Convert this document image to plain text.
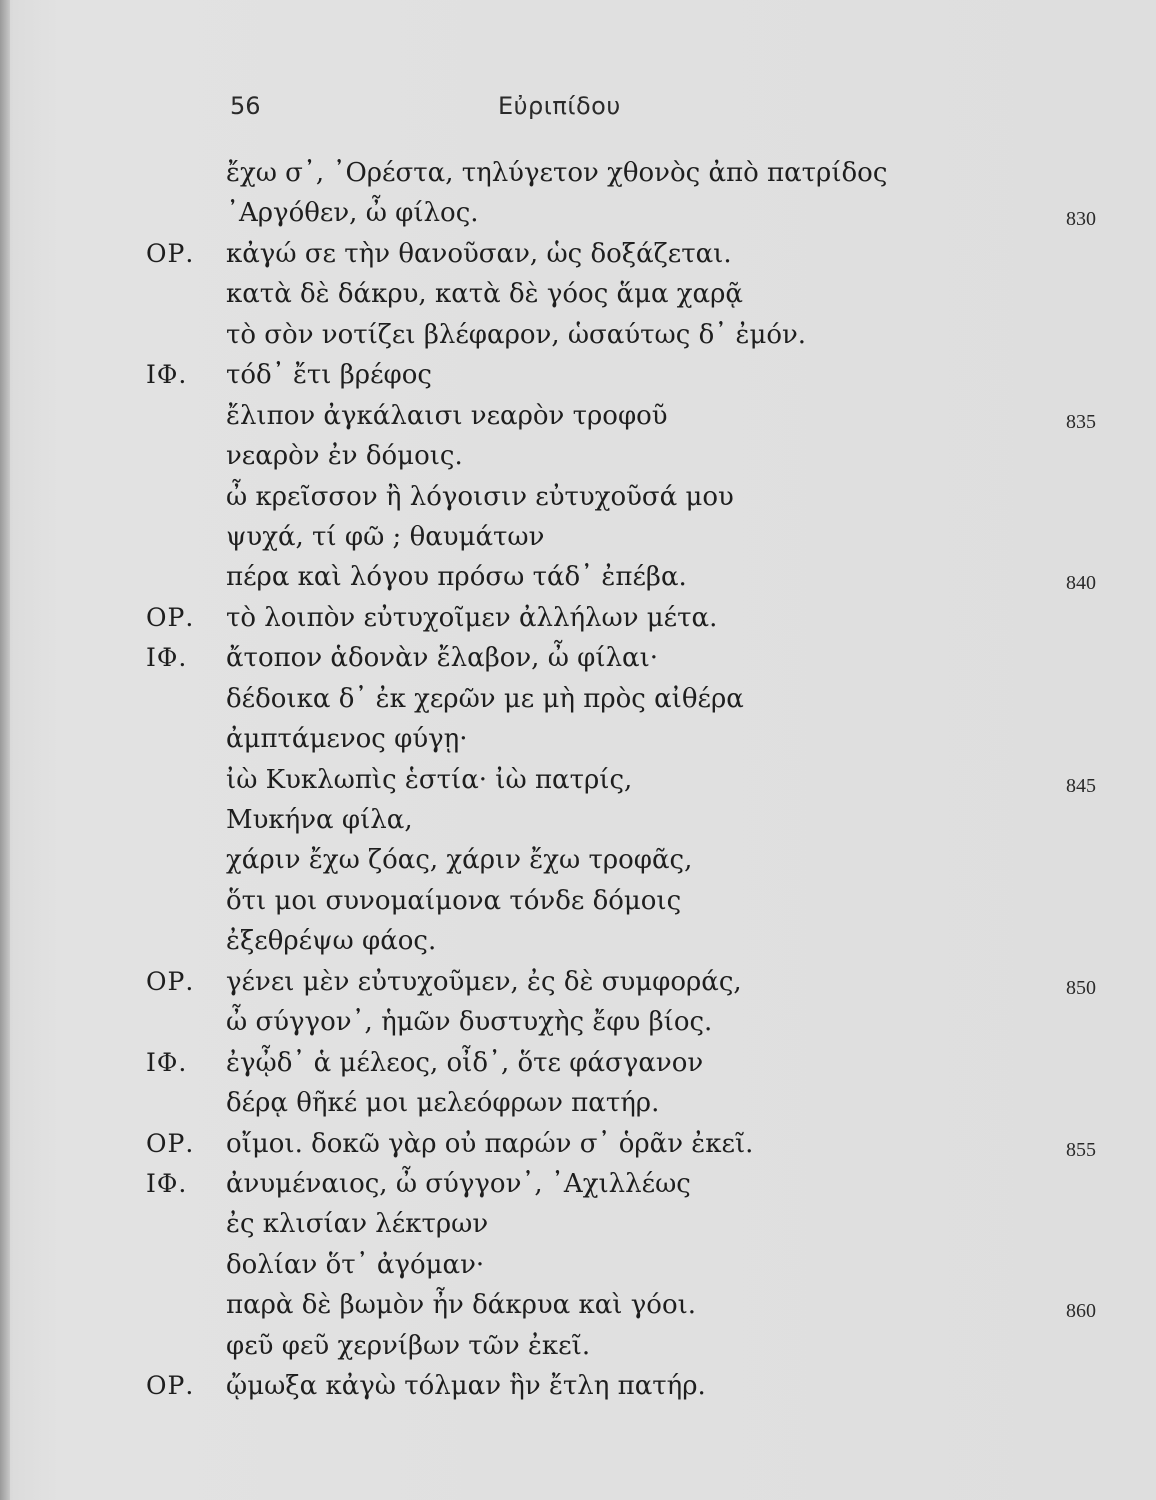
56	Εὐριπίδου
ἔχω σ᾿, ᾿Ορέστα, τηλύγετον χθονὸς ἀπὸ πατρίδος
᾿Αργόθεν, ὦ φίλος.	830
ΟΡ. κἀγώ σε τὴν θανοῦσαν, ὡς δοξάζεται.
κατὰ δὲ δάκρυ, κατὰ δὲ γόος ἅμα χαρᾷ
τὸ σὸν νοτίζει βλέφαρον, ὡσαύτως δ᾿ ἐμόν.
ΙΦ. τόδ᾿ ἔτι βρέφος
ἔλιπον ἀγκάλαισι νεαρὸν τροφοῦ	835
νεαρὸν ἐν δόμοις.
ὦ κρεῖσσον ἢ λόγοισιν εὐτυχοῦσά μου
ψυχά, τί φῶ ; θαυμάτων
πέρα καὶ λόγου πρόσω τάδ᾿ ἐπέβα.	840
ΟΡ. τὸ λοιπὸν εὐτυχοῖμεν ἀλλήλων μέτα.
ΙΦ. ἄτοπον ἁδονὰν ἔλαβον, ὦ φίλαι·
δέδοικα δ᾿ ἐκ χερῶν με μὴ πρὸς αἰθέρα
ἀμπτάμενος φύγῃ·
ἰὼ Κυκλωπὶς ἑστία· ἰὼ πατρίς,	845
Μυκήνα φίλα,
χάριν ἔχω ζόας, χάριν ἔχω τροφᾶς,
ὅτι μοι συνομαίμονα τόνδε δόμοις
ἐξεθρέψω φάος.
ΟΡ. γένει μὲν εὐτυχοῦμεν, ἐς δὲ συμφοράς,	850
ὦ σύγγον᾿, ἡμῶν δυστυχὴς ἔφυ βίος.
ΙΦ. ἐγᾦδ᾿ ἁ μέλεος, οἶδ᾿, ὅτε φάσγανον
δέρᾳ θῆκέ μοι μελεόφρων πατήρ.
ΟΡ. οἴμοι. δοκῶ γὰρ οὐ παρών σ᾿ ὁρᾶν ἐκεῖ.	855
ΙΦ. ἀνυμέναιος, ὦ σύγγον᾿, ᾿Αχιλλέως
ἐς κλισίαν λέκτρων
δολίαν ὅτ᾿ ἀγόμαν·
παρὰ δὲ βωμὸν ἦν δάκρυα καὶ γόοι.	860
φεῦ φεῦ χερνίβων τῶν ἐκεῖ.
ΟΡ. ᾤμωξα κἀγὼ τόλμαν ἣν ἔτλη πατήρ.
